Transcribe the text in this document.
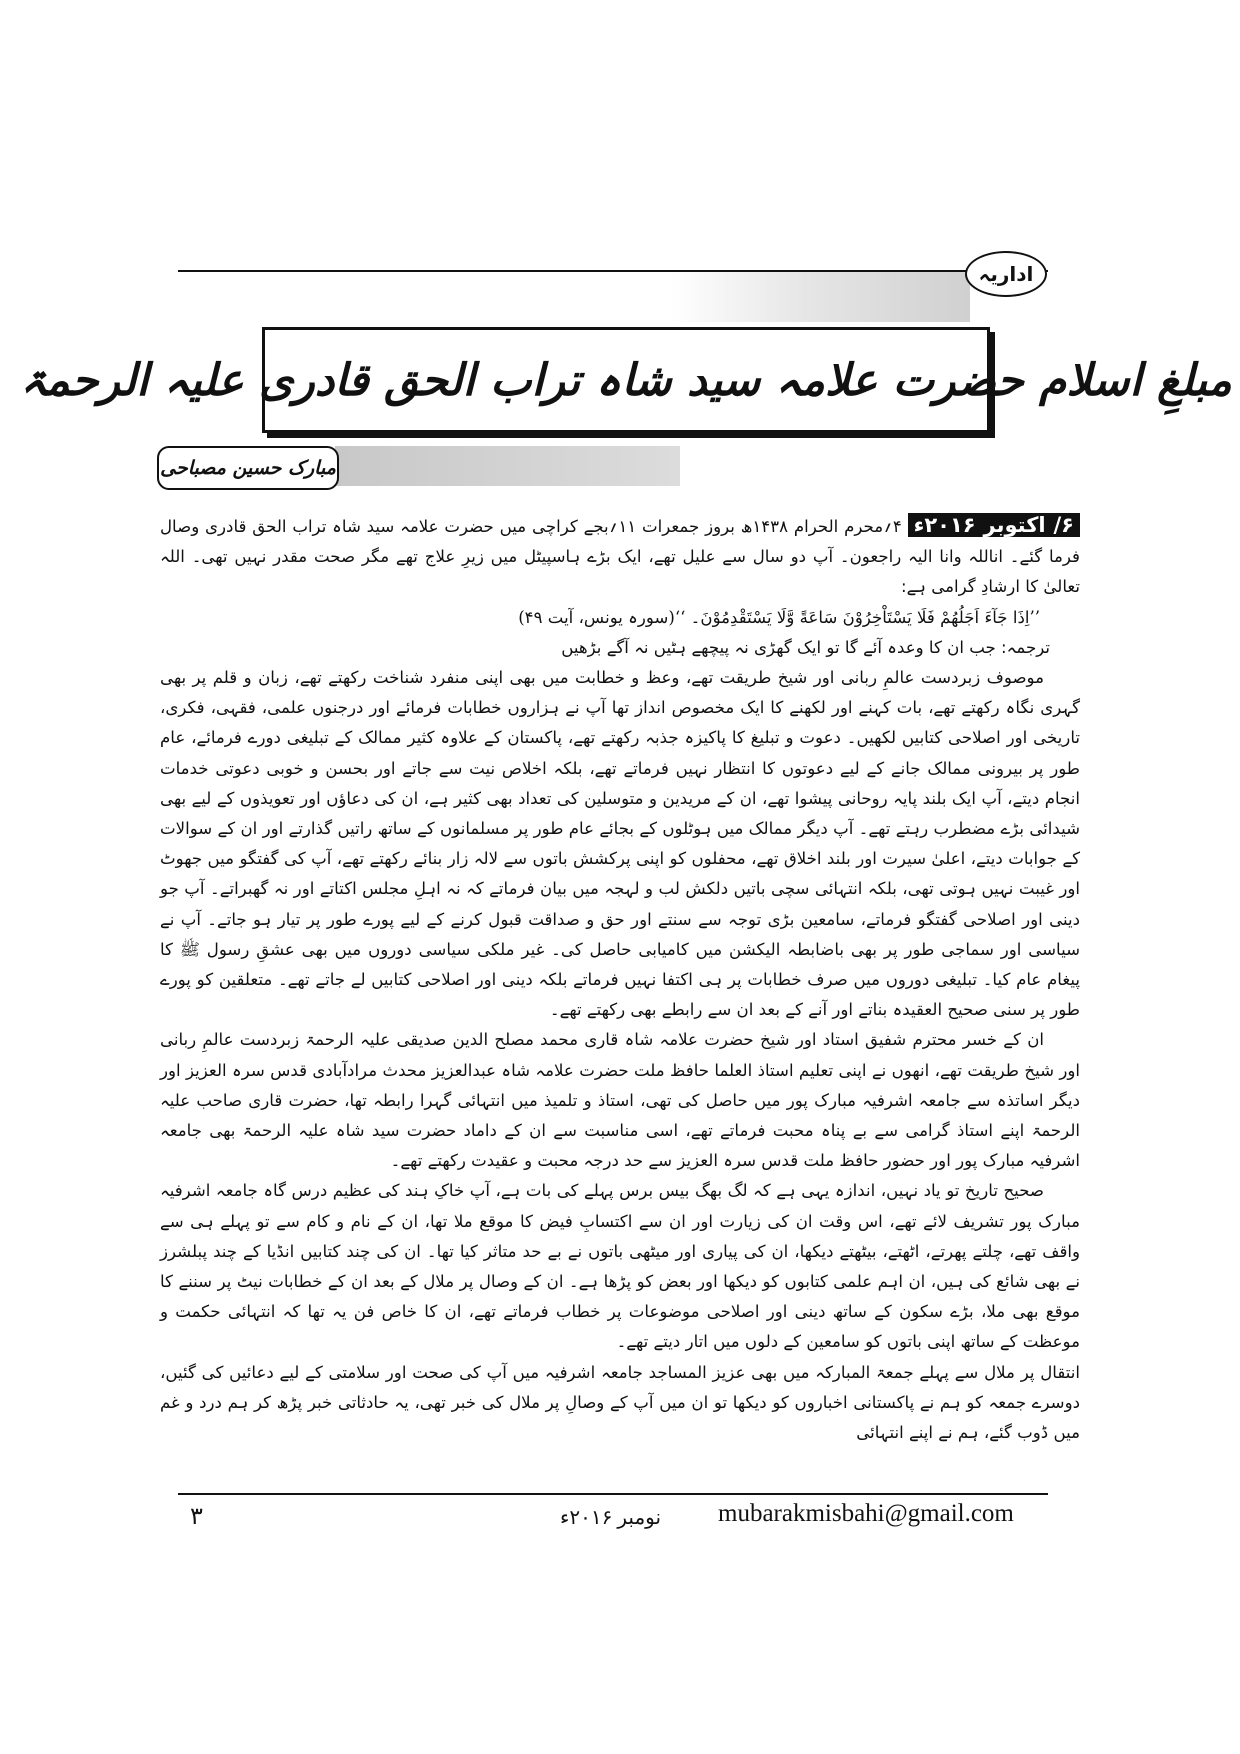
اداریہ
مبلغِ اسلام حضرت علامہ سید شاہ تراب الحق قادری علیہ الرحمۃ
مبارک حسین مصباحی

۶/ اکتوبر ۲۰۱۶ء ۴؍محرم الحرام ۱۴۳۸ھ بروز جمعرات ۱۱؍بجے کراچی میں حضرت علامہ سید شاہ تراب الحق قادری وصال فرما گئے۔ اناللہ وانا الیہ راجعون۔ آپ دو سال سے علیل تھے، ایک بڑے ہاسپیٹل میں زیرِ علاج تھے مگر صحت مقدر نہیں تھی۔ اللہ تعالیٰ کا ارشادِ گرامی ہے:

’’اِذَا جَآءَ اَجَلُهُمْ فَلَا يَسْتَاْخِرُوْنَ سَاعَةً وَّلَا يَسْتَقْدِمُوْنَ۔ ‘‘(سورہ یونس، آیت ۴۹)

ترجمہ: جب ان کا وعدہ آئے گا تو ایک گھڑی نہ پیچھے ہٹیں نہ آگے بڑھیں

موصوف زبردست عالمِ ربانی اور شیخ طریقت تھے، وعظ و خطابت میں بھی اپنی منفرد شناخت رکھتے تھے، زبان و قلم پر بھی گہری نگاہ رکھتے تھے، بات کہنے اور لکھنے کا ایک مخصوص انداز تھا آپ نے ہزاروں خطابات فرمائے اور درجنوں علمی، فقہی، فکری، تاریخی اور اصلاحی کتابیں لکھیں۔ دعوت و تبلیغ کا پاکیزہ جذبہ رکھتے تھے، پاکستان کے علاوہ کثیر ممالک کے تبلیغی دورے فرمائے، عام طور پر بیرونی ممالک جانے کے لیے دعوتوں کا انتظار نہیں فرماتے تھے، بلکہ اخلاص نیت سے جاتے اور بحسن و خوبی دعوتی خدمات انجام دیتے، آپ ایک بلند پایہ روحانی پیشوا تھے، ان کے مریدین و متوسلین کی تعداد بھی کثیر ہے، ان کی دعاؤں اور تعویذوں کے لیے بھی شیدائی بڑے مضطرب رہتے تھے۔ آپ دیگر ممالک میں ہوٹلوں کے بجائے عام طور پر مسلمانوں کے ساتھ راتیں گذارتے اور ان کے سوالات کے جوابات دیتے، اعلیٰ سیرت اور بلند اخلاق تھے، محفلوں کو اپنی پرکشش باتوں سے لالہ زار بنائے رکھتے تھے، آپ کی گفتگو میں جھوٹ اور غیبت نہیں ہوتی تھی، بلکہ انتہائی سچی باتیں دلکش لب و لہجہ میں بیان فرماتے کہ نہ اہلِ مجلس اکتاتے اور نہ گھبراتے۔ آپ جو دینی اور اصلاحی گفتگو فرماتے، سامعین بڑی توجہ سے سنتے اور حق و صداقت قبول کرنے کے لیے پورے طور پر تیار ہو جاتے۔ آپ نے سیاسی اور سماجی طور پر بھی باضابطہ الیکشن میں کامیابی حاصل کی۔ غیر ملکی سیاسی دوروں میں بھی عشقِ رسول ﷺ کا پیغام عام کیا۔ تبلیغی دوروں میں صرف خطابات پر ہی اکتفا نہیں فرماتے بلکہ دینی اور اصلاحی کتابیں لے جاتے تھے۔ متعلقین کو پورے طور پر سنی صحیح العقیدہ بناتے اور آنے کے بعد ان سے رابطے بھی رکھتے تھے۔

ان کے خسر محترم شفیق استاد اور شیخ حضرت علامہ شاہ قاری محمد مصلح الدین صدیقی علیہ الرحمۃ زبردست عالمِ ربانی اور شیخ طریقت تھے، انھوں نے اپنی تعلیم استاذ العلما حافظ ملت حضرت علامہ شاہ عبدالعزیز محدث مرادآبادی قدس سرہ العزیز اور دیگر اساتذہ سے جامعہ اشرفیہ مبارک پور میں حاصل کی تھی، استاذ و تلمیذ میں انتہائی گہرا رابطہ تھا، حضرت قاری صاحب علیہ الرحمۃ اپنے استاذ گرامی سے بے پناہ محبت فرماتے تھے، اسی مناسبت سے ان کے داماد حضرت سید شاہ علیہ الرحمۃ بھی جامعہ اشرفیہ مبارک پور اور حضور حافظ ملت قدس سرہ العزیز سے حد درجہ محبت و عقیدت رکھتے تھے۔

صحیح تاریخ تو یاد نہیں، اندازہ یہی ہے کہ لگ بھگ بیس برس پہلے کی بات ہے، آپ خاکِ ہند کی عظیم درس گاہ جامعہ اشرفیہ مبارک پور تشریف لائے تھے، اس وقت ان کی زیارت اور ان سے اکتسابِ فیض کا موقع ملا تھا، ان کے نام و کام سے تو پہلے ہی سے واقف تھے، چلتے پھرتے، اٹھتے، بیٹھتے دیکھا، ان کی پیاری اور میٹھی باتوں نے بے حد متاثر کیا تھا۔ ان کی چند کتابیں انڈیا کے چند پبلشرز نے بھی شائع کی ہیں، ان اہم علمی کتابوں کو دیکھا اور بعض کو پڑھا ہے۔ ان کے وصال پر ملال کے بعد ان کے خطابات نیٹ پر سننے کا موقع بھی ملا، بڑے سکون کے ساتھ دینی اور اصلاحی موضوعات پر خطاب فرماتے تھے، ان کا خاص فن یہ تھا کہ انتہائی حکمت و موعظت کے ساتھ اپنی باتوں کو سامعین کے دلوں میں اتار دیتے تھے۔

انتقال پر ملال سے پہلے جمعۃ المبارکہ میں بھی عزیز المساجد جامعہ اشرفیہ میں آپ کی صحت اور سلامتی کے لیے دعائیں کی گئیں، دوسرے جمعہ کو ہم نے پاکستانی اخباروں کو دیکھا تو ان میں آپ کے وصالِ پر ملال کی خبر تھی، یہ حادثاتی خبر پڑھ کر ہم درد و غم میں ڈوب گئے، ہم نے اپنے انتہائی

mubarakmisbahi@gmail.com
نومبر ۲۰۱۶ء
۳
